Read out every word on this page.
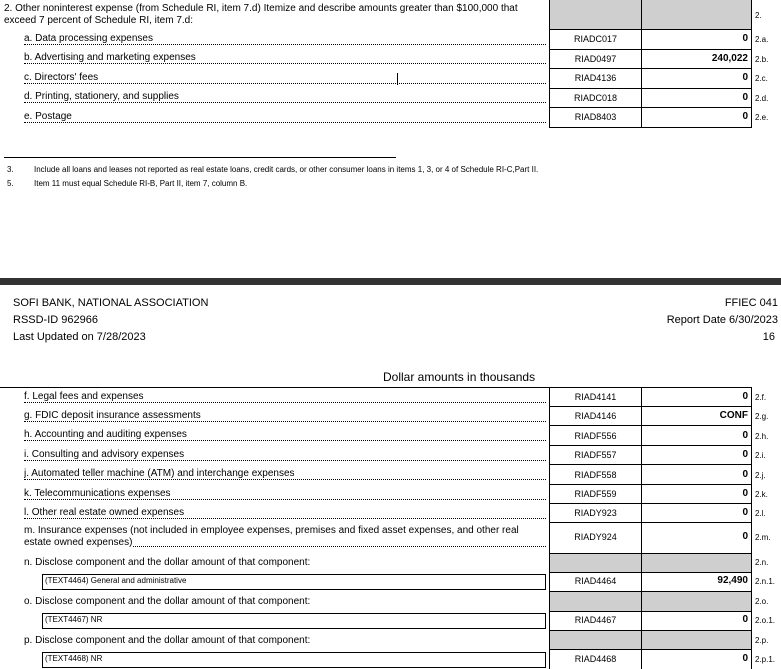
2. Other noninterest expense (from Schedule RI, item 7.d) Itemize and describe amounts greater than $100,000 that
exceed 7 percent of Schedule RI, item 7.d:	2.
a. Data processing expenses	RIADC017	0 2.a.
b. Advertising and marketing expenses	RIAD0497	240,022 2.b.
c. Directors' fees	RIAD4136	0 2.c.
d. Printing, stationery, and supplies	RIADC018	0 2.d.
e. Postage	RIAD8403	0 2.e.
3.	Include all loans and leases not reported as real estate loans, credit cards, or other consumer loans in items 1, 3, or 4 of Schedule RI-C,Part II.
5.	Item 11 must equal Schedule RI-B, Part II, item 7, column B.
SOFI BANK, NATIONAL ASSOCIATION
RSSD-ID 962966
Last Updated on 7/28/2023
FFIEC 041
Report Date 6/30/2023
16
Dollar amounts in thousands
f. Legal fees and expenses	RIAD4141	0 2.f.
g. FDIC deposit insurance assessments	RIAD4146	CONF 2.g.
h. Accounting and auditing expenses	RIADF556	0 2.h.
i. Consulting and advisory expenses	RIADF557	0 2.i.
j. Automated teller machine (ATM) and interchange expenses	RIADF558	0 2.j.
k. Telecommunications expenses	RIADF559	0 2.k.
l. Other real estate owned expenses	RIADY923	0 2.l.
m. Insurance expenses (not included in employee expenses, premises and fixed asset expenses, and other real
estate owned expenses)	RIADY924	0 2.m.
n. Disclose component and the dollar amount of that component:	2.n.
(TEXT4464) General and administrative	RIAD4464	92,490 2.n.1.
o. Disclose component and the dollar amount of that component:	2.o.
(TEXT4467) NR	RIAD4467	0 2.o.1.
p. Disclose component and the dollar amount of that component:	2.p.
(TEXT4468) NR	RIAD4468	0 2.p.1.
